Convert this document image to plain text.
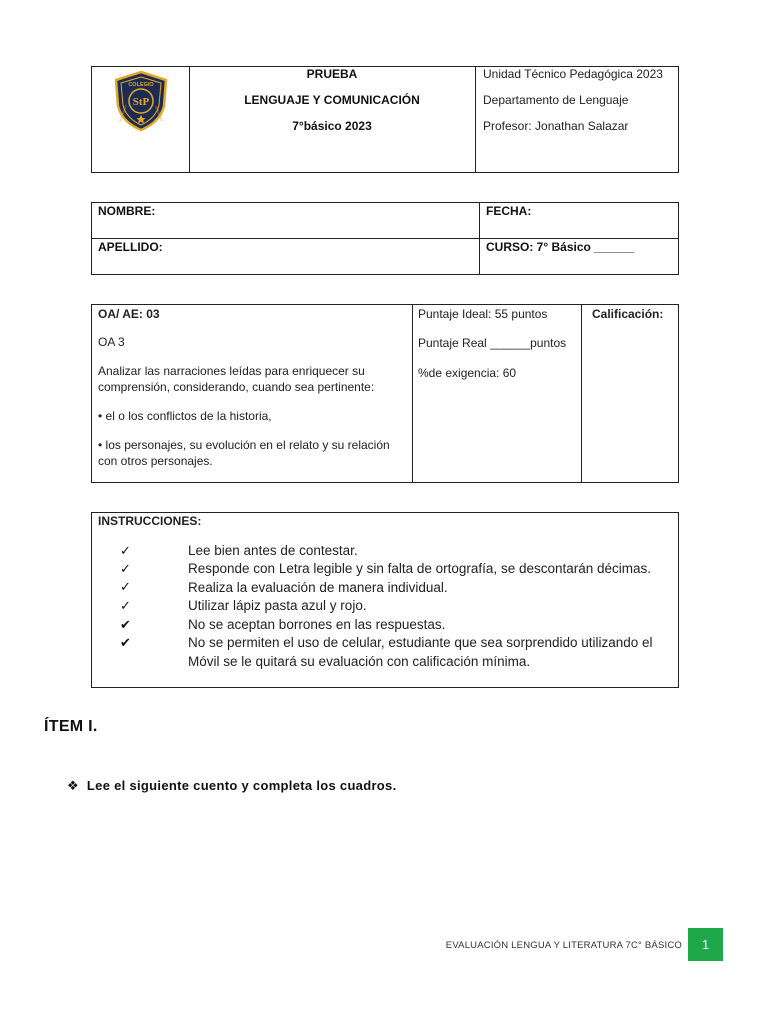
StP
COLEGIO
SAN PEDRO	QUILICURA
PRUEBA
LENGUAJE Y COMUNICACIÓN
7°básico 2023
Unidad Técnico Pedagógica 2023
Departamento de Lenguaje
Profesor: Jonathan Salazar
NOMBRE:	FECHA:
APELLIDO:	CURSO: 7° Básico ______
OA/ AE: 03
OA 3
Analizar las narraciones leídas para enriquecer su
comprensión, considerando, cuando sea pertinente:
• el o los conflictos de la historia,
• los personajes, su evolución en el relato y su relación
con otros personajes.
Puntaje Ideal: 55 puntos
Puntaje Real ______puntos
%de exigencia: 60
Calificación:
INSTRUCCIONES:
✓	Lee bien antes de contestar.
✓	Responde con Letra legible y sin falta de ortografía, se descontarán décimas.
✓	Realiza la evaluación de manera individual.
✓	Utilizar lápiz pasta azul y rojo.
✔	No se aceptan borrones en las respuestas.
✔	No se permiten el uso de celular, estudiante que sea sorprendido utilizando el
Móvil se le quitará su evaluación con calificación mínima.
ÍTEM I.
❖ Lee el siguiente cuento y completa los cuadros.
EVALUACIÓN LENGUA Y LITERATURA 7C° BÁSICO	1
